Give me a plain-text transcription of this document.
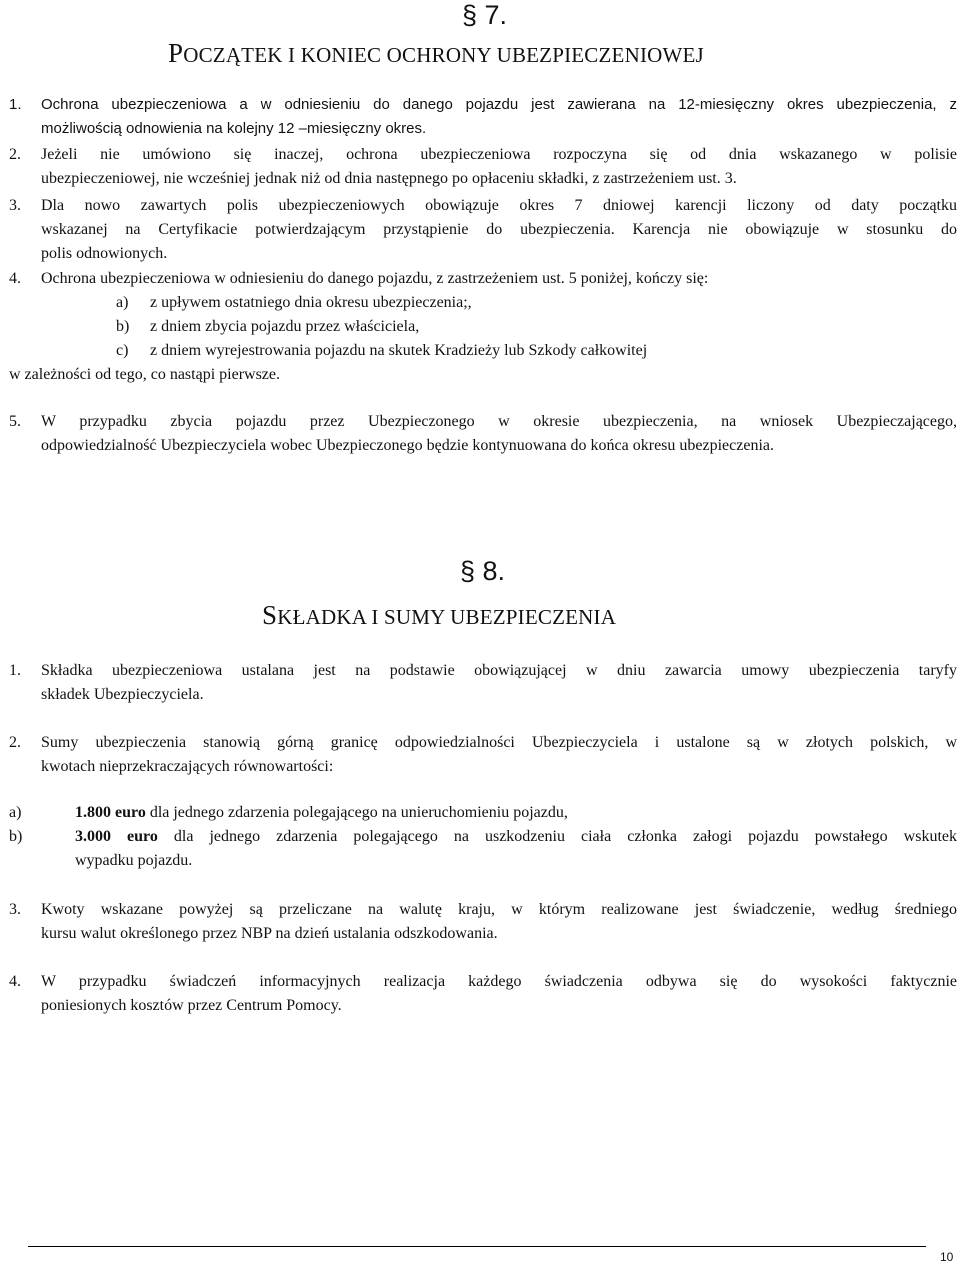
§ 7.
POCZĄTEK I KONIEC OCHRONY UBEZPIECZENIOWEJ
1. Ochrona ubezpieczeniowa a w odniesieniu do danego pojazdu jest zawierana na 12-miesięczny okres ubezpieczenia, z
możliwością odnowienia na kolejny 12 –miesięczny okres.
2. Jeżeli nie umówiono się inaczej, ochrona ubezpieczeniowa rozpoczyna się od dnia wskazanego w polisie
ubezpieczeniowej, nie wcześniej jednak niż od dnia następnego po opłaceniu składki, z zastrzeżeniem ust. 3.
3. Dla nowo zawartych polis ubezpieczeniowych obowiązuje okres 7 dniowej karencji liczony od daty początku
wskazanej na Certyfikacie potwierdzającym przystąpienie do ubezpieczenia. Karencja nie obowiązuje w stosunku do
polis odnowionych.
4. Ochrona ubezpieczeniowa w odniesieniu do danego pojazdu, z zastrzeżeniem ust. 5 poniżej, kończy się:
a) z upływem ostatniego dnia okresu ubezpieczenia;,
b) z dniem zbycia pojazdu przez właściciela,
c) z dniem wyrejestrowania pojazdu na skutek Kradzieży lub Szkody całkowitej
w zależności od tego, co nastąpi pierwsze.
5. W przypadku zbycia pojazdu przez Ubezpieczonego w okresie ubezpieczenia, na wniosek Ubezpieczającego,
odpowiedzialność Ubezpieczyciela wobec Ubezpieczonego będzie kontynuowana do końca okresu ubezpieczenia.
§ 8.
SKŁADKA I SUMY UBEZPIECZENIA
1. Składka ubezpieczeniowa ustalana jest na podstawie obowiązującej w dniu zawarcia umowy ubezpieczenia taryfy
składek Ubezpieczyciela.
2. Sumy ubezpieczenia stanowią górną granicę odpowiedzialności Ubezpieczyciela i ustalone są w złotych polskich, w
kwotach nieprzekraczających równowartości:
a)	1.800 euro dla jednego zdarzenia polegającego na unieruchomieniu pojazdu,
b)	3.000 euro dla jednego zdarzenia polegającego na uszkodzeniu ciała członka załogi pojazdu powstałego wskutek
wypadku pojazdu.
3. Kwoty wskazane powyżej są przeliczane na walutę kraju, w którym realizowane jest świadczenie, według średniego
kursu walut określonego przez NBP na dzień ustalania odszkodowania.
4. W przypadku świadczeń informacyjnych realizacja każdego świadczenia odbywa się do wysokości faktycznie
poniesionych kosztów przez Centrum Pomocy.
10
